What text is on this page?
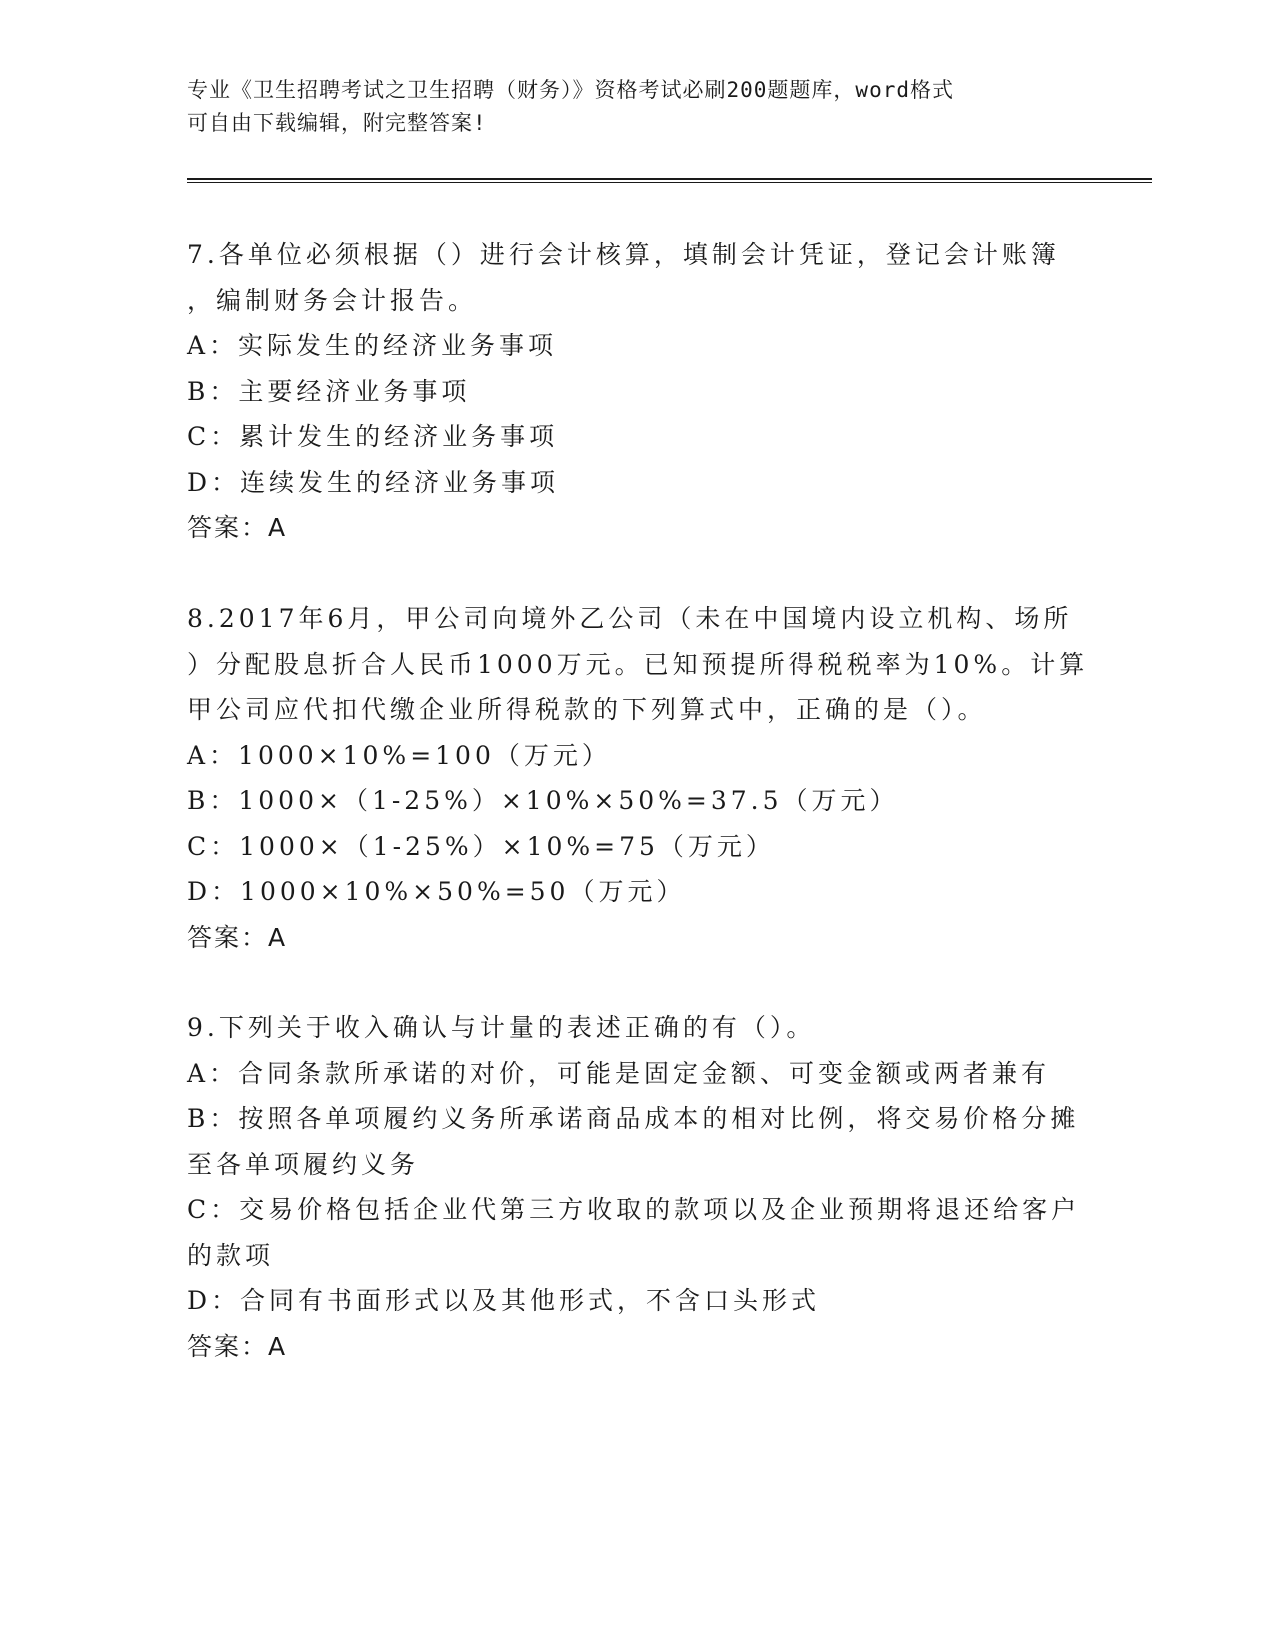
专业《卫生招聘考试之卫生招聘（财务）》资格考试必刷200题题库，word格式
可自由下载编辑，附完整答案!
7.各单位必须根据（）进行会计核算，填制会计凭证，登记会计账簿
，编制财务会计报告。
A：实际发生的经济业务事项
B：主要经济业务事项
C：累计发生的经济业务事项
D：连续发生的经济业务事项
答案：A
8.2017年6月，甲公司向境外乙公司（未在中国境内设立机构、场所
）分配股息折合人民币1000万元。已知预提所得税税率为10%。计算
甲公司应代扣代缴企业所得税款的下列算式中，正确的是（）。
A：1000×10%=100（万元）
B：1000×（1-25%）×10%×50%=37.5（万元）
C：1000×（1-25%）×10%=75（万元）
D：1000×10%×50%=50（万元）
答案：A
9.下列关于收入确认与计量的表述正确的有（）。
A：合同条款所承诺的对价，可能是固定金额、可变金额或两者兼有
B：按照各单项履约义务所承诺商品成本的相对比例，将交易价格分摊
至各单项履约义务
C：交易价格包括企业代第三方收取的款项以及企业预期将退还给客户
的款项
D：合同有书面形式以及其他形式，不含口头形式
答案：A
